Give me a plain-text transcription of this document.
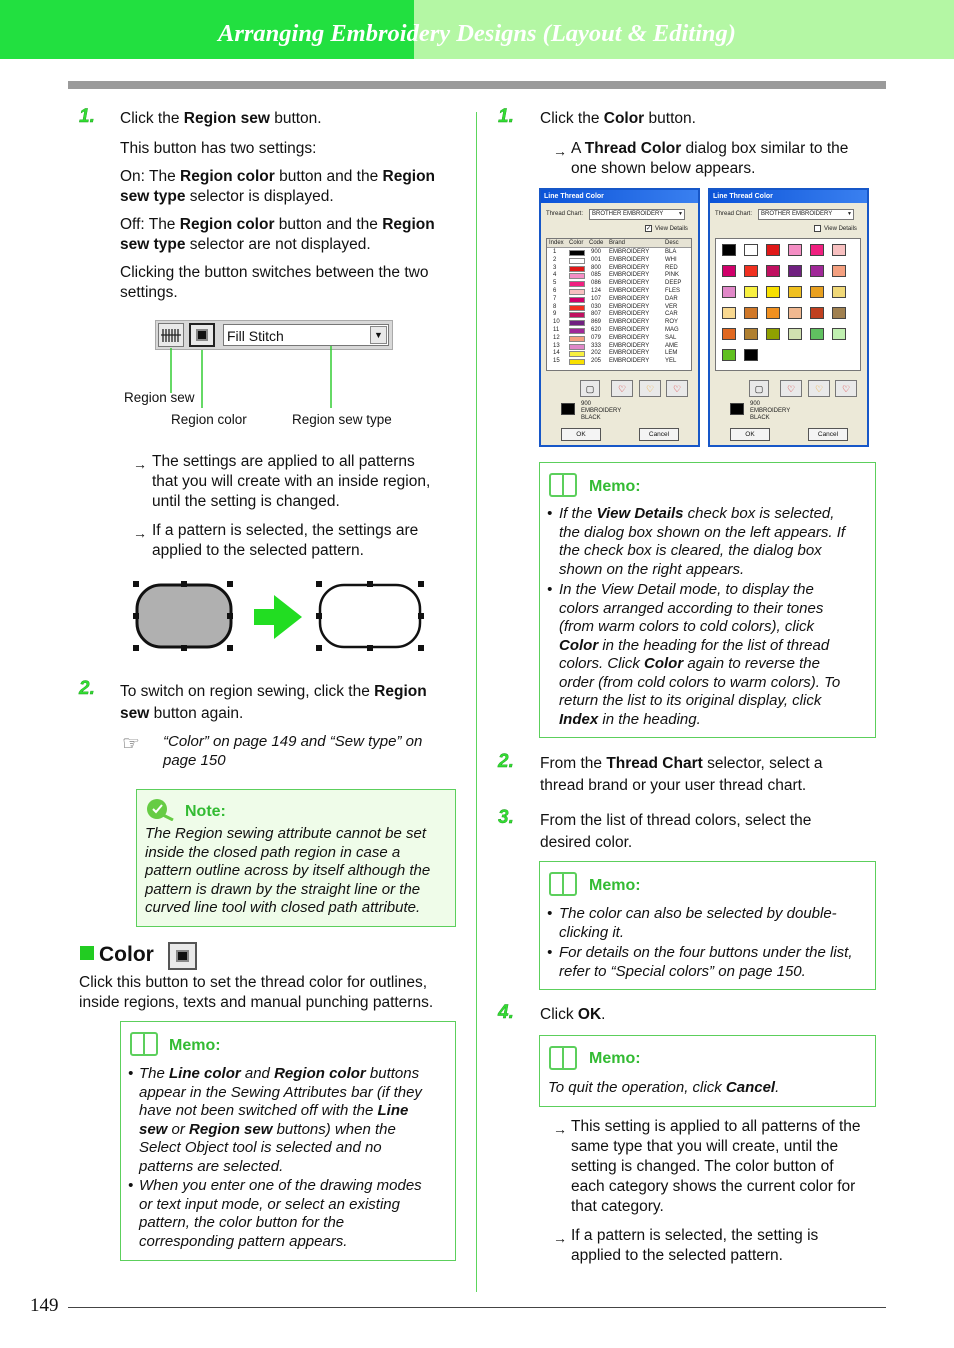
Arranging Embroidery Designs (Layout & Editing)
1. Click the Region sew button.
This button has two settings:
On: The Region color button and the Region
sew type selector is displayed.
Off: The Region color button and the Region
sew type selector are not displayed.
Clicking the button switches between the two
settings.
Fill Stitch	▼
Region sew
Region color	Region sew type
→ The settings are applied to all patterns
that you will create with an inside region,
until the setting is changed.
→ If a pattern is selected, the settings are
applied to the selected pattern.
2. To switch on region sewing, click the Region
sew button again.
☞ “Color” on page 149 and “Sew type” on
page 150
Note:
The Region sewing attribute cannot be set
inside the closed path region in case a
pattern outline across by itself although the
pattern is drawn by the straight line or the
curved line tool with closed path attribute.
Color
Click this button to set the thread color for outlines,
inside regions, texts and manual punching patterns.
Memo:
• The Line color and Region color buttons
appear in the Sewing Attributes bar (if they
have not been switched off with the Line
sew or Region sew buttons) when the
Select Object tool is selected and no
patterns are selected.
• When you enter one of the drawing modes
or text input mode, or select an existing
pattern, the color button for the
corresponding pattern appears.
1. Click the Color button.
→ A Thread Color dialog box similar to the
one shown below appears.
Line Thread Color
Thread Chart: BROTHER EMBROIDERY	▼
✓ View Details
Index Color Code Brand	Desc
1	900 EMBROIDERY	BLA
2	001 EMBROIDERY	WHI
3	800 EMBROIDERY	RED
4	085 EMBROIDERY	PINK
5	086 EMBROIDERY	DEEP
6	124 EMBROIDERY	FLES
7	107 EMBROIDERY	DAR
8	030 EMBROIDERY	VER
9	807 EMBROIDERY	CAR
10	869 EMBROIDERY	ROY
11	620 EMBROIDERY	MAG
12	079 EMBROIDERY	SAL
13	333 EMBROIDERY	AME
14	202 EMBROIDERY	LEM
15	205 EMBROIDERY	YEL
▢	♡	♡	♡
900
EMBROIDERY
BLACK
OK	Cancel
Line Thread Color
Thread Chart: BROTHER EMBROIDERY	▼
View Details
▢	♡	♡	♡
900
EMBROIDERY
BLACK
OK	Cancel
Memo:
• If the View Details check box is selected,
the dialog box shown on the left appears. If
the check box is cleared, the dialog box
shown on the right appears.
• In the View Detail mode, to display the
colors arranged according to their tones
(from warm colors to cold colors), click
Color in the heading for the list of thread
colors. Click Color again to reverse the
order (from cold colors to warm colors). To
return the list to its original display, click
Index in the heading.
2. From the Thread Chart selector, select a
thread brand or your user thread chart.
3. From the list of thread colors, select the
desired color.
Memo:
• The color can also be selected by double-
clicking it.
• For details on the four buttons under the list,
refer to “Special colors” on page 150.
4. Click OK.
Memo:
To quit the operation, click Cancel.
→ This setting is applied to all patterns of the
same type that you will create, until the
setting is changed. The color button of
each category shows the current color for
that category.
→ If a pattern is selected, the setting is
applied to the selected pattern.
149
